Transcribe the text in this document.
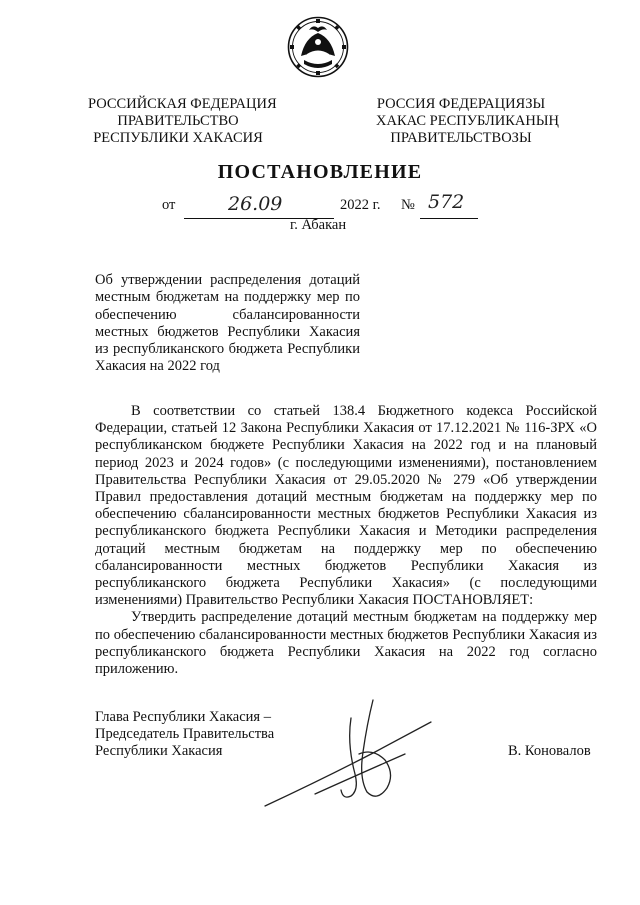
РОССИЙСКАЯ ФЕДЕРАЦИЯ
ПРАВИТЕЛЬСТВО
РЕСПУБЛИКИ ХАКАСИЯ
РОССИЯ ФЕДЕРАЦИЯЗЫ
ХАКАС РЕСПУБЛИКАНЫҢ
ПРАВИТЕЛЬСТВОЗЫ
ПОСТАНОВЛЕНИЕ
от	26.09	2022 г. № 572
г. Абакан
Об утверждении распределения дотаций местным бюджетам на поддержку мер по обеспечению сбалансированности местных бюджетов Республики Хакасия из республиканского бюджета Республики Хакасия на 2022 год

В соответствии со статьей 138.4 Бюджетного кодекса Российской Федерации, статьей 12 Закона Республики Хакасия от 17.12.2021 № 116-ЗРХ «О республиканском бюджете Республики Хакасия на 2022 год и на плановый период 2023 и 2024 годов» (с последующими изменениями), постановлением Правительства Республики Хакасия от 29.05.2020 № 279 «Об утверждении Правил предоставления дотаций местным бюджетам на поддержку мер по обеспечению сбалансированности местных бюджетов Республики Хакасия из республиканского бюджета Республики Хакасия и Методики распределения дотаций местным бюджетам на поддержку мер по обеспечению сбалансированности местных бюджетов Республики Хакасия из республиканского бюджета Республики Хакасия» (с последующими изменениями) Правительство Республики Хакасия ПОСТАНОВЛЯЕТ:

Утвердить распределение дотаций местным бюджетам на поддержку мер по обеспечению сбалансированности местных бюджетов Республики Хакасия из республиканского бюджета Республики Хакасия на 2022 год согласно приложению.

Глава Республики Хакасия –
Председатель Правительства
Республики Хакасия	В. Коновалов
